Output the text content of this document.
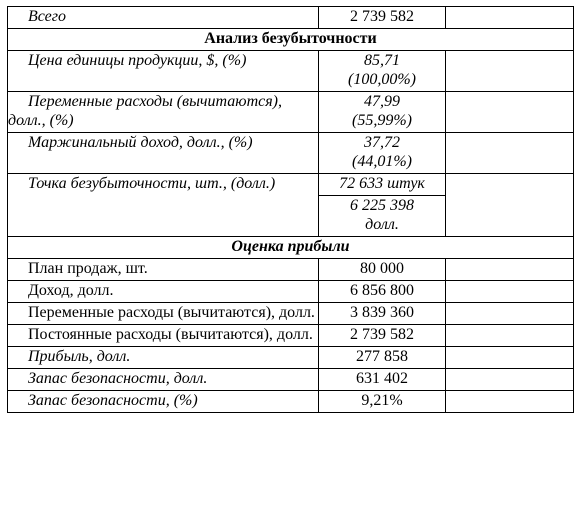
Всего	2 739 582	
Анализ безубыточности		
Цена единицы продукции, $, (%)	85,71
(100,00%)	

Переменные расходы (вычитаются), долл., (%)	47,99
(55,99%)	

Маржинальный доход, долл., (%)	37,72
(44,01%)	

Точка безубыточности, шт., (долл.)	72 633 штук	

	6 225 398
долл.	

Оценка прибыли		
План продаж, шт.	80 000	
Доход, долл.	6 856 800	
Переменные расходы (вычитаются), долл.	3 839 360	
Постоянные расходы (вычитаются), долл.	2 739 582	
Прибыль, долл.	277 858	
Запас безопасности, долл.	631 402	
Запас безопасности, (%)	9,21%	
